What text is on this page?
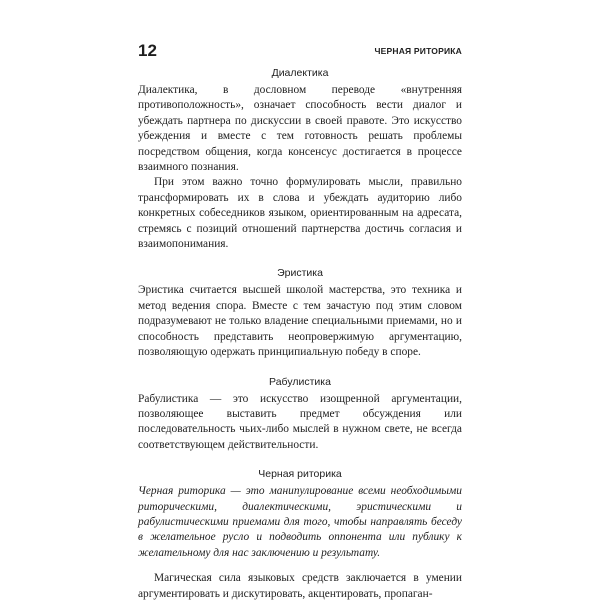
12	ЧЕРНАЯ РИТОРИКА
Диалектика

Диалектика, в дословном переводе «внутренняя противоположность», означает способность вести диалог и убеждать партнера по дискуссии в своей правоте. Это искусство убеждения и вместе с тем готовность решать проблемы посредством общения, когда консенсус достигается в процессе взаимного познания.

При этом важно точно формулировать мысли, правильно трансформировать их в слова и убеждать аудиторию либо конкретных собеседников языком, ориентированным на адресата, стремясь с позиций отношений партнерства достичь согласия и взаимопонимания.

Эристика

Эристика считается высшей школой мастерства, это техника и метод ведения спора. Вместе с тем зачастую под этим словом подразумевают не только владение специальными приемами, но и способность представить неопровержимую аргументацию, позволяющую одержать принципиальную победу в споре.

Рабулистика

Рабулистика — это искусство изощренной аргументации, позволяющее выставить предмет обсуждения или последовательность чьих-либо мыслей в нужном свете, не всегда соответствующем действительности.

Черная риторика

Черная риторика — это манипулирование всеми необходимыми риторическими, диалектическими, эристическими и рабулистическими приемами для того, чтобы направлять беседу в желательное русло и подводить оппонента или публику к желательному для нас заключению и результату.

Магическая сила языковых средств заключается в умении аргументировать и дискутировать, акцентировать, пропаган-
